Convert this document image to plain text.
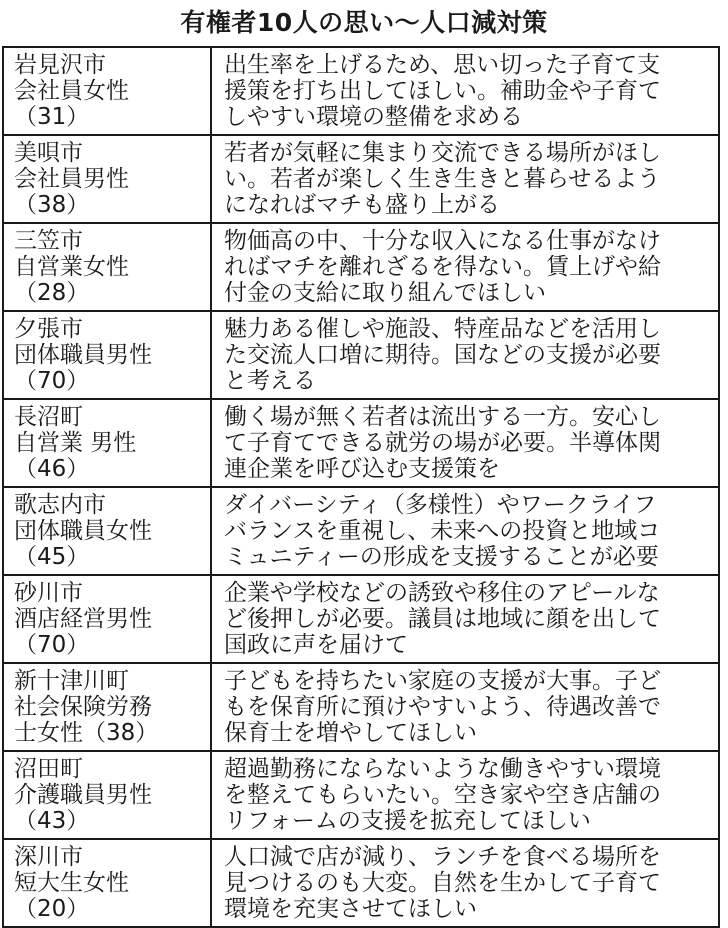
有権者10人の思い〜人口減対策
岩見沢市
会社員女性
（31）	出生率を上げるため、思い切った子育て支
援策を打ち出してほしい。補助金や子育て
しやすい環境の整備を求める

美唄市
会社員男性
（38）	若者が気軽に集まり交流できる場所がほし
い。若者が楽しく生き生きと暮らせるよう
になればマチも盛り上がる

三笠市
自営業女性
（28）	物価高の中、十分な収入になる仕事がなけ
ればマチを離れざるを得ない。賃上げや給
付金の支給に取り組んでほしい

夕張市
団体職員男性
（70）	魅力ある催しや施設、特産品などを活用し
た交流人口増に期待。国などの支援が必要
と考える

長沼町
自営業 男性
（46）	働く場が無く若者は流出する一方。安心し
て子育てできる就労の場が必要。半導体関
連企業を呼び込む支援策を

歌志内市
団体職員女性
（45）	ダイバーシティ（多様性）やワークライフ
バランスを重視し、未来への投資と地域コ
ミュニティーの形成を支援することが必要

砂川市
酒店経営男性
（70）	企業や学校などの誘致や移住のアピールな
ど後押しが必要。議員は地域に顔を出して
国政に声を届けて

新十津川町
社会保険労務
士女性（38）	子どもを持ちたい家庭の支援が大事。子ど
もを保育所に預けやすいよう、待遇改善で
保育士を増やしてほしい

沼田町
介護職員男性
（43）	超過勤務にならないような働きやすい環境
を整えてもらいたい。空き家や空き店舗の
リフォームの支援を拡充してほしい

深川市
短大生女性
（20）	人口減で店が減り、ランチを食べる場所を
見つけるのも大変。自然を生かして子育て
環境を充実させてほしい
